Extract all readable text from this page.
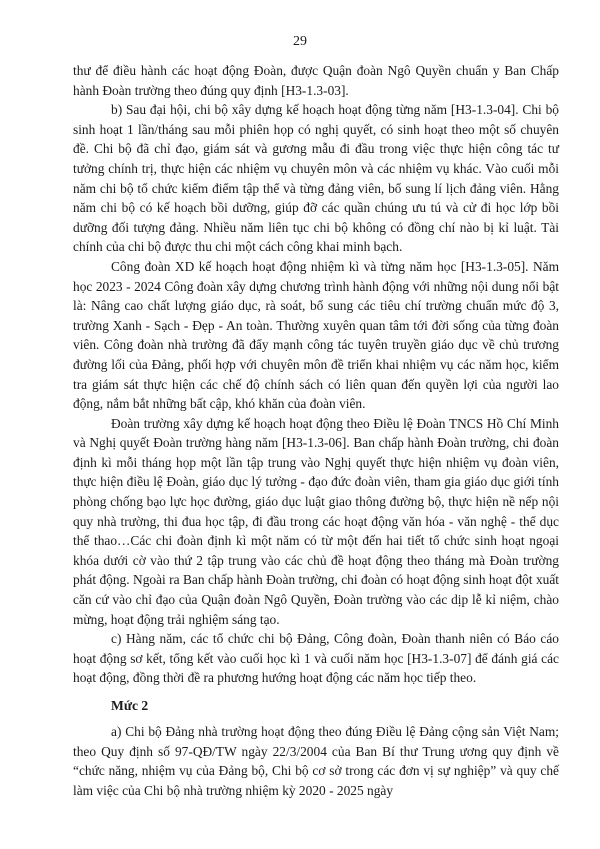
29

thư để điều hành các hoạt động Đoàn, được Quận đoàn Ngô Quyền chuẩn y Ban Chấp hành Đoàn trường theo đúng quy định [H3-1.3-03].

b) Sau đại hội, chi bộ xây dựng kế hoạch hoạt động từng năm [H3-1.3-04]. Chi bộ sinh hoạt 1 lần/tháng sau mỗi phiên họp có nghị quyết, có sinh hoạt theo một số chuyên đề. Chi bộ đã chỉ đạo, giám sát và gương mẫu đi đầu trong việc thực hiện công tác tư tưởng chính trị, thực hiện các nhiệm vụ chuyên môn và các nhiệm vụ khác. Vào cuối mỗi năm chi bộ tổ chức kiểm điểm tập thể và từng đảng viên, bổ sung lí lịch đảng viên. Hằng năm chi bộ có kế hoạch bồi dưỡng, giúp đỡ các quần chúng ưu tú và cử đi học lớp bồi dưỡng đối tượng đảng. Nhiều năm liên tục chi bộ không có đồng chí nào bị kỉ luật. Tài chính của chi bộ được thu chi một cách công khai minh bạch.

Công đoàn XD kế hoạch hoạt động nhiệm kì và từng năm học [H3-1.3-05]. Năm học 2023 - 2024 Công đoàn xây dựng chương trình hành động với những nội dung nổi bật là: Nâng cao chất lượng giáo dục, rà soát, bổ sung các tiêu chí trường chuẩn mức độ 3, trường Xanh - Sạch - Đẹp - An toàn. Thường xuyên quan tâm tới đời sống của từng đoàn viên. Công đoàn nhà trường đã đẩy mạnh công tác tuyên truyền giáo dục về chủ trương đường lối của Đảng, phối hợp với chuyên môn đề triển khai nhiệm vụ các năm học, kiểm tra giám sát thực hiện các chế độ chính sách có liên quan đến quyền lợi của người lao động, nắm bắt những bất cập, khó khăn của đoàn viên.

Đoàn trường xây dựng kế hoạch hoạt động theo Điều lệ Đoàn TNCS Hồ Chí Minh và Nghị quyết Đoàn trường hàng năm [H3-1.3-06]. Ban chấp hành Đoàn trường, chi đoàn định kì mỗi tháng họp một lần tập trung vào Nghị quyết thực hiện nhiệm vụ đoàn viên, thực hiện điều lệ Đoàn, giáo dục lý tưởng - đạo đức đoàn viên, tham gia giáo dục giới tính phòng chống bạo lực học đường, giáo dục luật giao thông đường bộ, thực hiện nề nếp nội quy nhà trường, thi đua học tập, đi đầu trong các hoạt động văn hóa - văn nghệ - thể dục thể thao…Các chi đoàn định kì một năm có từ một đến hai tiết tổ chức sinh hoạt ngoại khóa dưới cờ vào thứ 2 tập trung vào các chủ đề hoạt động theo tháng mà Đoàn trường phát động. Ngoài ra Ban chấp hành Đoàn trường, chi đoàn có hoạt động sinh hoạt đột xuất căn cứ vào chỉ đạo của Quận đoàn Ngô Quyền, Đoàn trường vào các dịp lễ kỉ niệm, chào mừng, hoạt động trải nghiệm sáng tạo.

c) Hàng năm, các tổ chức chi bộ Đảng, Công đoàn, Đoàn thanh niên có Báo cáo hoạt động sơ kết, tổng kết vào cuối học kì 1 và cuối năm học [H3-1.3-07] để đánh giá các hoạt động, đồng thời đề ra phương hướng hoạt động các năm học tiếp theo.

Mức 2

a) Chi bộ Đảng nhà trường hoạt động theo đúng Điều lệ Đảng cộng sản Việt Nam; theo Quy định số 97-QĐ/TW ngày 22/3/2004 của Ban Bí thư Trung ương quy định về “chức năng, nhiệm vụ của Đảng bộ, Chi bộ cơ sở trong các đơn vị sự nghiệp” và quy chế làm việc của Chi bộ nhà trường nhiệm kỳ 2020 - 2025 ngày
